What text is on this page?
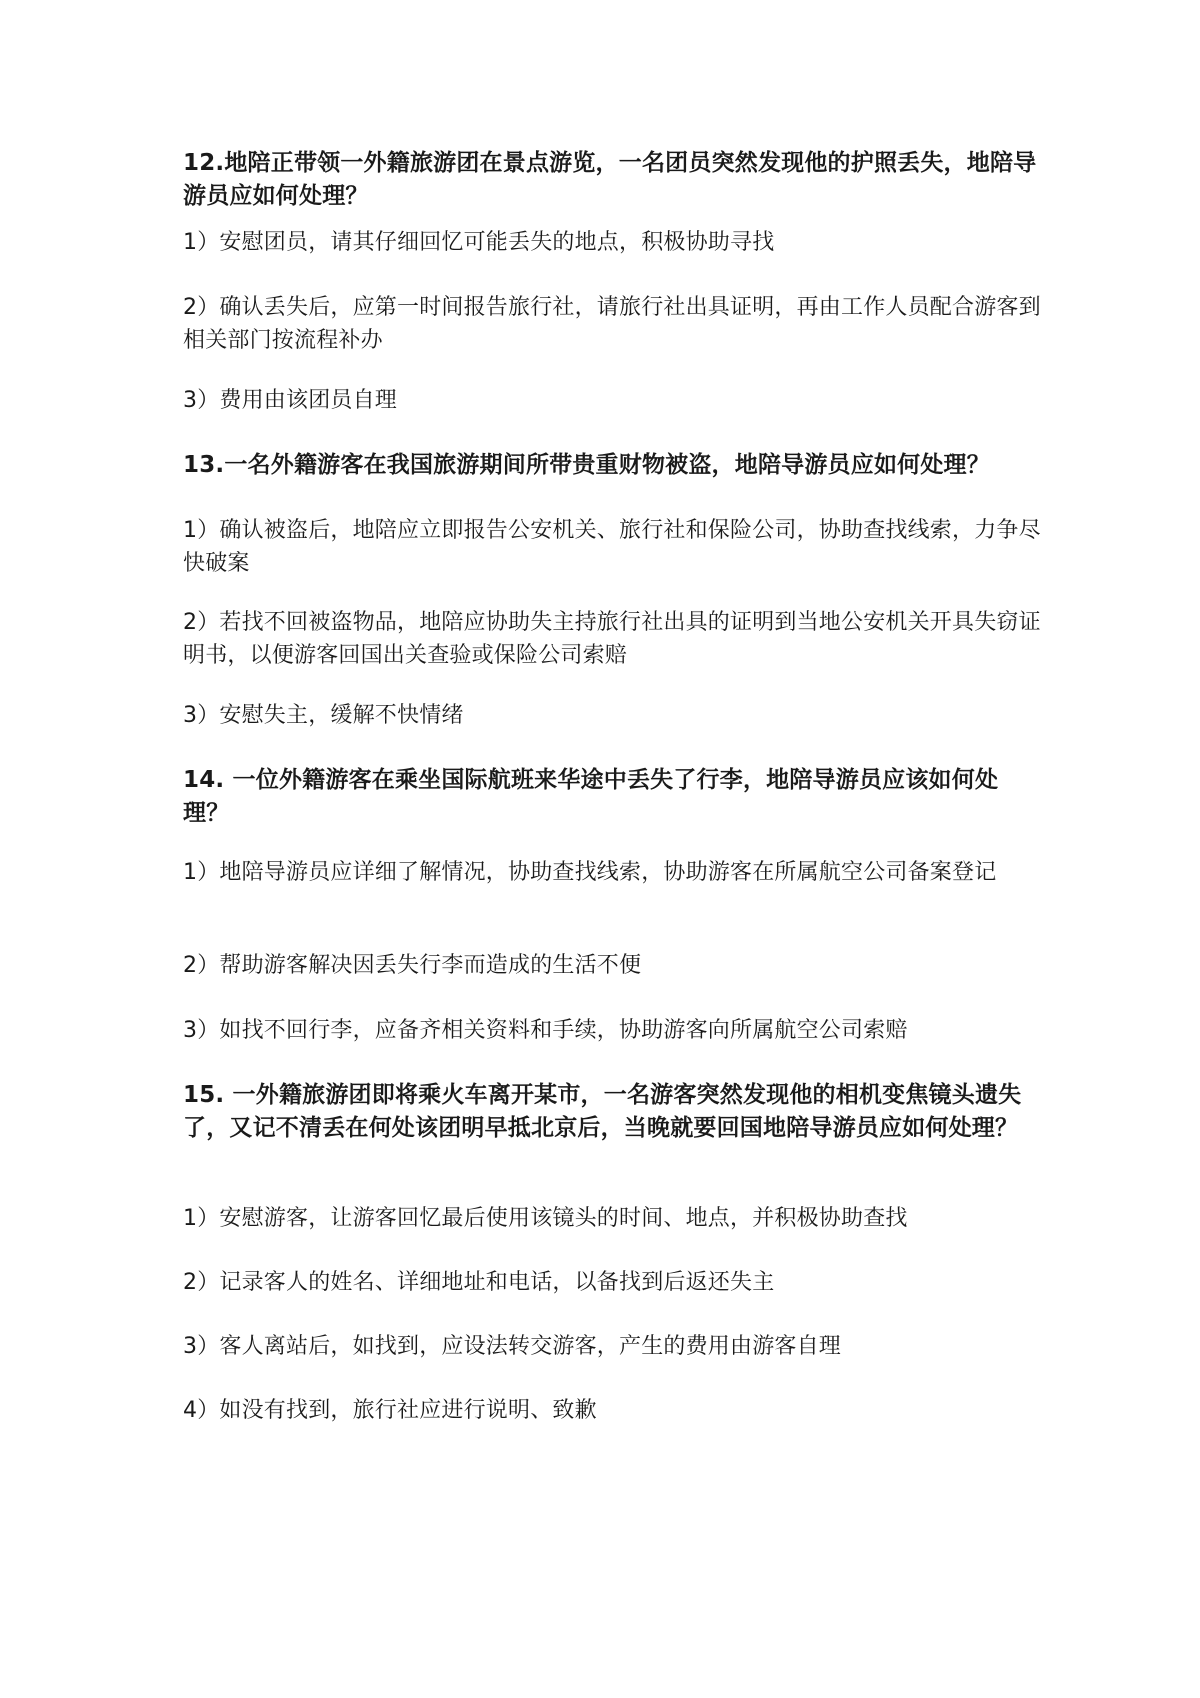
12.地陪正带领一外籍旅游团在景点游览，一名团员突然发现他的护照丢失，地陪导游员应如何处理？

1）安慰团员，请其仔细回忆可能丢失的地点，积极协助寻找

2）确认丢失后，应第一时间报告旅行社，请旅行社出具证明，再由工作人员配合游客到相关部门按流程补办

3）费用由该团员自理

13.一名外籍游客在我国旅游期间所带贵重财物被盗，地陪导游员应如何处理？

1）确认被盗后，地陪应立即报告公安机关、旅行社和保险公司，协助查找线索，力争尽快破案

2）若找不回被盗物品，地陪应协助失主持旅行社出具的证明到当地公安机关开具失窃证明书，以便游客回国出关查验或保险公司索赔

3）安慰失主，缓解不快情绪

14. 一位外籍游客在乘坐国际航班来华途中丢失了行李，地陪导游员应该如何处理？

1）地陪导游员应详细了解情况，协助查找线索，协助游客在所属航空公司备案登记

2）帮助游客解决因丢失行李而造成的生活不便

3）如找不回行李，应备齐相关资料和手续，协助游客向所属航空公司索赔

15. 一外籍旅游团即将乘火车离开某市，一名游客突然发现他的相机变焦镜头遗失了，又记不清丢在何处该团明早抵北京后，当晚就要回国地陪导游员应如何处理？

1）安慰游客，让游客回忆最后使用该镜头的时间、地点，并积极协助查找

2）记录客人的姓名、详细地址和电话，以备找到后返还失主

3）客人离站后，如找到，应设法转交游客，产生的费用由游客自理

4）如没有找到，旅行社应进行说明、致歉
